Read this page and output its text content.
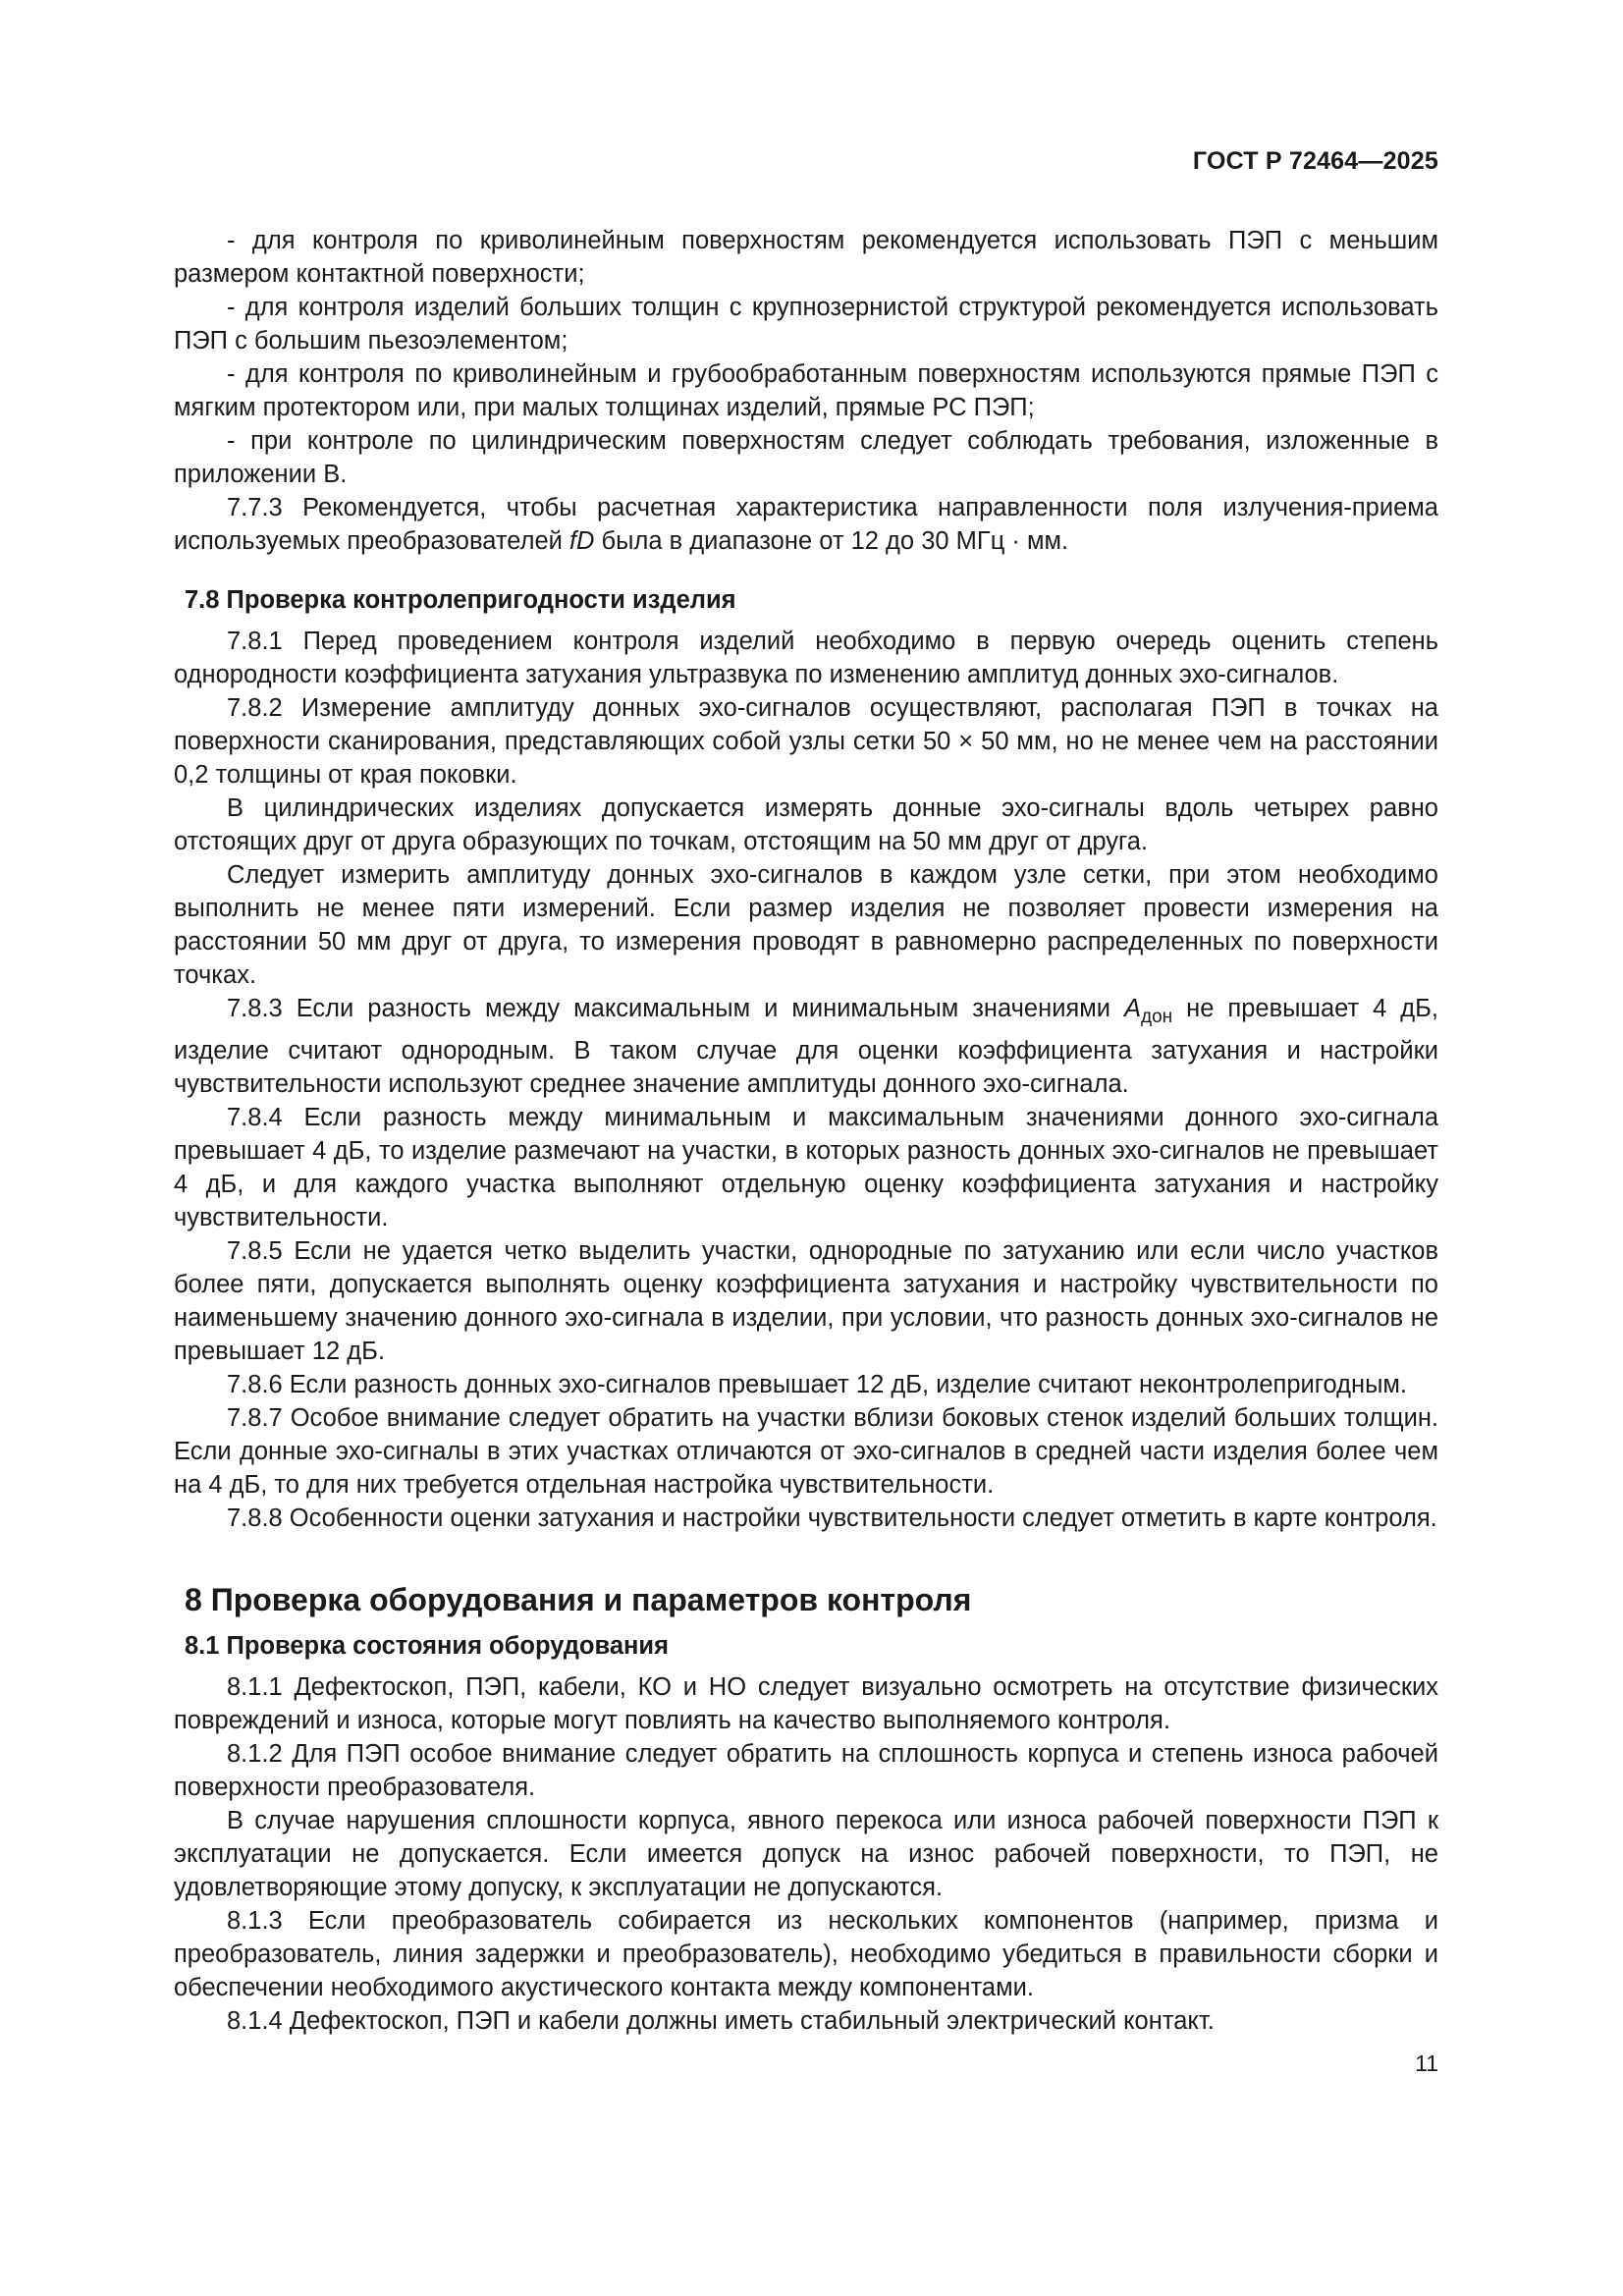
ГОСТ Р 72464—2025

- для контроля по криволинейным поверхностям рекомендуется использовать ПЭП с меньшим размером контактной поверхности;

- для контроля изделий больших толщин с крупнозернистой структурой рекомендуется использовать ПЭП с большим пьезоэлементом;

- для контроля по криволинейным и грубообработанным поверхностям используются прямые ПЭП с мягким протектором или, при малых толщинах изделий, прямые РС ПЭП;

- при контроле по цилиндрическим поверхностям следует соблюдать требования, изложенные в приложении В.

7.7.3 Рекомендуется, чтобы расчетная характеристика направленности поля излучения-приема используемых преобразователей fD была в диапазоне от 12 до 30 МГц · мм.

7.8 Проверка контролепригодности изделия

7.8.1 Перед проведением контроля изделий необходимо в первую очередь оценить степень однородности коэффициента затухания ультразвука по изменению амплитуд донных эхо-сигналов.

7.8.2 Измерение амплитуду донных эхо-сигналов осуществляют, располагая ПЭП в точках на поверхности сканирования, представляющих собой узлы сетки 50 × 50 мм, но не менее чем на расстоянии 0,2 толщины от края поковки.

В цилиндрических изделиях допускается измерять донные эхо-сигналы вдоль четырех равно отстоящих друг от друга образующих по точкам, отстоящим на 50 мм друг от друга.

Следует измерить амплитуду донных эхо-сигналов в каждом узле сетки, при этом необходимо выполнить не менее пяти измерений. Если размер изделия не позволяет провести измерения на расстоянии 50 мм друг от друга, то измерения проводят в равномерно распределенных по поверхности точках.

7.8.3 Если разность между максимальным и минимальным значениями $A_{дон}$ не превышает 4 дБ, изделие считают однородным. В таком случае для оценки коэффициента затухания и настройки чувствительности используют среднее значение амплитуды донного эхо-сигнала.

7.8.4 Если разность между минимальным и максимальным значениями донного эхо-сигнала превышает 4 дБ, то изделие размечают на участки, в которых разность донных эхо-сигналов не превышает 4 дБ, и для каждого участка выполняют отдельную оценку коэффициента затухания и настройку чувствительности.

7.8.5 Если не удается четко выделить участки, однородные по затуханию или если число участков более пяти, допускается выполнять оценку коэффициента затухания и настройку чувствительности по наименьшему значению донного эхо-сигнала в изделии, при условии, что разность донных эхо-сигналов не превышает 12 дБ.

7.8.6 Если разность донных эхо-сигналов превышает 12 дБ, изделие считают неконтролепригодным.

7.8.7 Особое внимание следует обратить на участки вблизи боковых стенок изделий больших толщин. Если донные эхо-сигналы в этих участках отличаются от эхо-сигналов в средней части изделия более чем на 4 дБ, то для них требуется отдельная настройка чувствительности.

7.8.8 Особенности оценки затухания и настройки чувствительности следует отметить в карте контроля.

8 Проверка оборудования и параметров контроля
8.1 Проверка состояния оборудования

8.1.1 Дефектоскоп, ПЭП, кабели, КО и НО следует визуально осмотреть на отсутствие физических повреждений и износа, которые могут повлиять на качество выполняемого контроля.

8.1.2 Для ПЭП особое внимание следует обратить на сплошность корпуса и степень износа рабочей поверхности преобразователя.

В случае нарушения сплошности корпуса, явного перекоса или износа рабочей поверхности ПЭП к эксплуатации не допускается. Если имеется допуск на износ рабочей поверхности, то ПЭП, не удовлетворяющие этому допуску, к эксплуатации не допускаются.

8.1.3 Если преобразователь собирается из нескольких компонентов (например, призма и преобразователь, линия задержки и преобразователь), необходимо убедиться в правильности сборки и обеспечении необходимого акустического контакта между компонентами.

8.1.4 Дефектоскоп, ПЭП и кабели должны иметь стабильный электрический контакт.

11
